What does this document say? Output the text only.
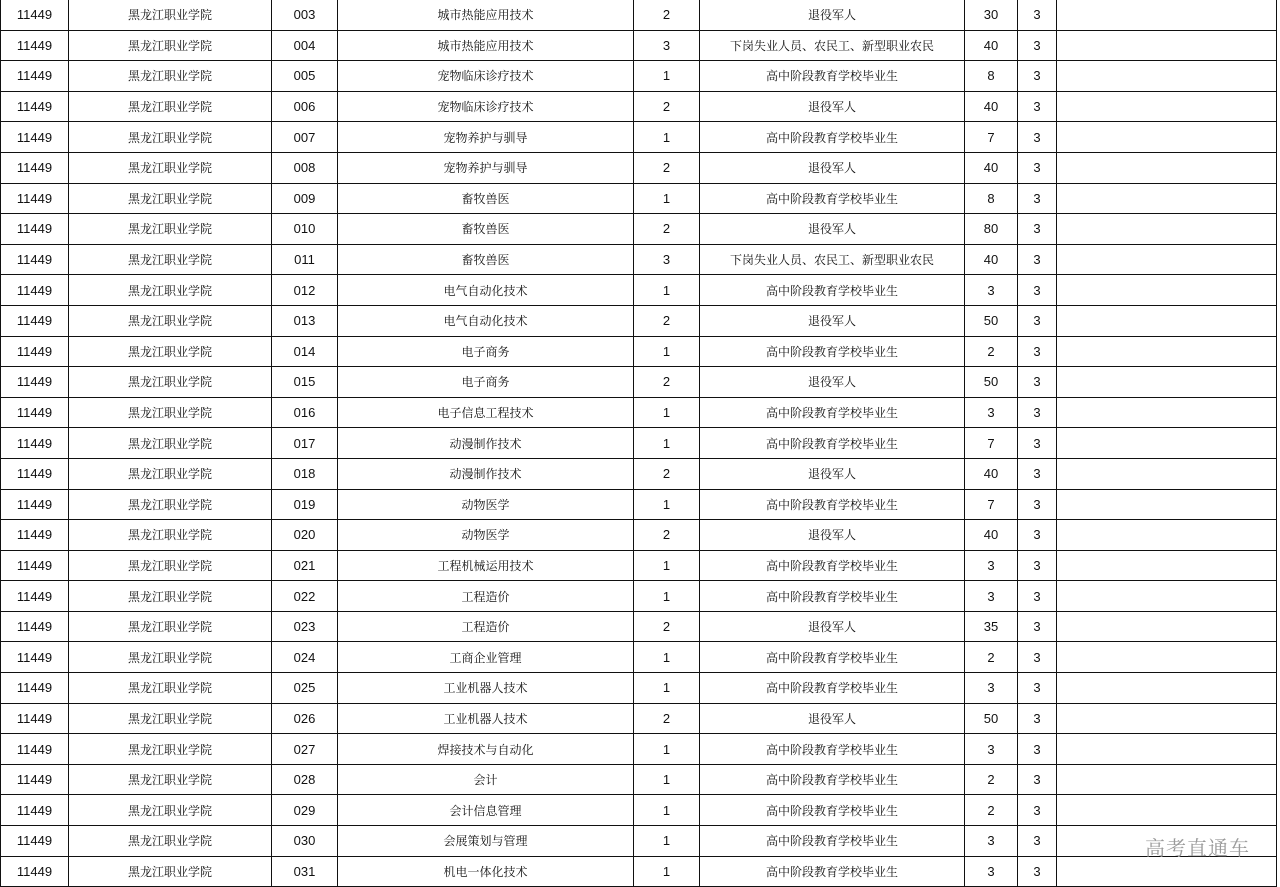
11449	黑龙江职业学院	003	城市热能应用技术	2	退役军人	30	3	
11449	黑龙江职业学院	004	城市热能应用技术	3	下岗失业人员、农民工、新型职业农民	40	3	
11449	黑龙江职业学院	005	宠物临床诊疗技术	1	高中阶段教育学校毕业生	8	3	
11449	黑龙江职业学院	006	宠物临床诊疗技术	2	退役军人	40	3	
11449	黑龙江职业学院	007	宠物养护与驯导	1	高中阶段教育学校毕业生	7	3	
11449	黑龙江职业学院	008	宠物养护与驯导	2	退役军人	40	3	
11449	黑龙江职业学院	009	畜牧兽医	1	高中阶段教育学校毕业生	8	3	
11449	黑龙江职业学院	010	畜牧兽医	2	退役军人	80	3	
11449	黑龙江职业学院	011	畜牧兽医	3	下岗失业人员、农民工、新型职业农民	40	3	
11449	黑龙江职业学院	012	电气自动化技术	1	高中阶段教育学校毕业生	3	3	
11449	黑龙江职业学院	013	电气自动化技术	2	退役军人	50	3	
11449	黑龙江职业学院	014	电子商务	1	高中阶段教育学校毕业生	2	3	
11449	黑龙江职业学院	015	电子商务	2	退役军人	50	3	
11449	黑龙江职业学院	016	电子信息工程技术	1	高中阶段教育学校毕业生	3	3	
11449	黑龙江职业学院	017	动漫制作技术	1	高中阶段教育学校毕业生	7	3	
11449	黑龙江职业学院	018	动漫制作技术	2	退役军人	40	3	
11449	黑龙江职业学院	019	动物医学	1	高中阶段教育学校毕业生	7	3	
11449	黑龙江职业学院	020	动物医学	2	退役军人	40	3	
11449	黑龙江职业学院	021	工程机械运用技术	1	高中阶段教育学校毕业生	3	3	
11449	黑龙江职业学院	022	工程造价	1	高中阶段教育学校毕业生	3	3	
11449	黑龙江职业学院	023	工程造价	2	退役军人	35	3	
11449	黑龙江职业学院	024	工商企业管理	1	高中阶段教育学校毕业生	2	3	
11449	黑龙江职业学院	025	工业机器人技术	1	高中阶段教育学校毕业生	3	3	
11449	黑龙江职业学院	026	工业机器人技术	2	退役军人	50	3	
11449	黑龙江职业学院	027	焊接技术与自动化	1	高中阶段教育学校毕业生	3	3	
11449	黑龙江职业学院	028	会计	1	高中阶段教育学校毕业生	2	3	
11449	黑龙江职业学院	029	会计信息管理	1	高中阶段教育学校毕业生	2	3	
11449	黑龙江职业学院	030	会展策划与管理	1	高中阶段教育学校毕业生	3	3	
11449	黑龙江职业学院	031	机电一体化技术	1	高中阶段教育学校毕业生	3	3	
高考直通车
